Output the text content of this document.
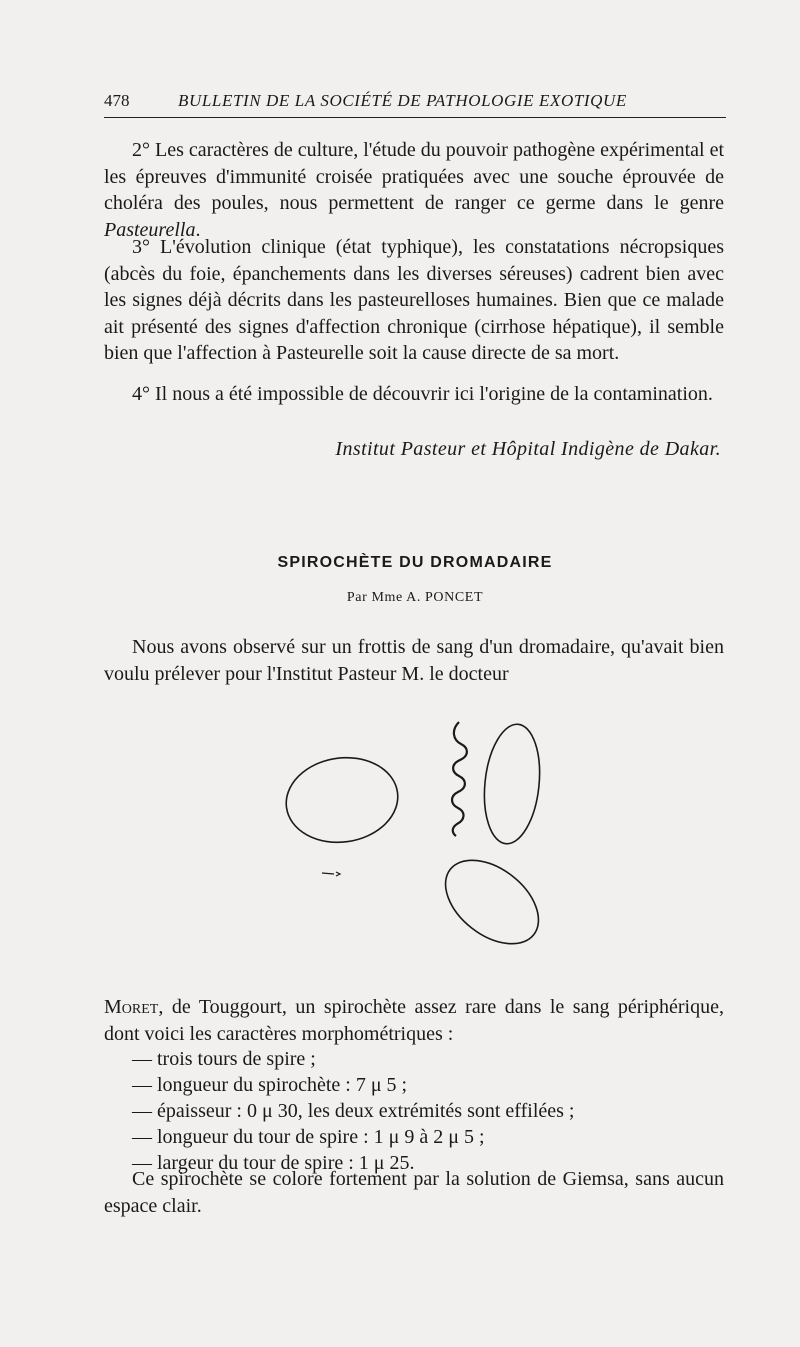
478	BULLETIN DE LA SOCIÉTÉ DE PATHOLOGIE EXOTIQUE

2° Les caractères de culture, l'étude du pouvoir pathogène expérimental et les épreuves d'immunité croisée pratiquées avec une souche éprouvée de choléra des poules, nous permettent de ranger ce germe dans le genre Pasteurella.

3° L'évolution clinique (état typhique), les constatations nécropsiques (abcès du foie, épanchements dans les diverses séreuses) cadrent bien avec les signes déjà décrits dans les pasteurelloses humaines. Bien que ce malade ait présenté des signes d'affection chronique (cirrhose hépatique), il semble bien que l'affection à Pasteurelle soit la cause directe de sa mort.

4° Il nous a été impossible de découvrir ici l'origine de la contamination.

Institut Pasteur et Hôpital Indigène de Dakar.
SPIROCHÈTE DU DROMADAIRE
Par Mme A. PONCET

Nous avons observé sur un frottis de sang d'un dromadaire, qu'avait bien voulu prélever pour l'Institut Pasteur M. le docteur

Moret, de Touggourt, un spirochète assez rare dans le sang périphérique, dont voici les caractères morphométriques :

— trois tours de spire ;
— longueur du spirochète : 7 μ 5 ;
— épaisseur : 0 μ 30, les deux extrémités sont effilées ;
— longueur du tour de spire : 1 μ 9 à 2 μ 5 ;
— largeur du tour de spire : 1 μ 25.

Ce spirochète se colore fortement par la solution de Giemsa, sans aucun espace clair.
